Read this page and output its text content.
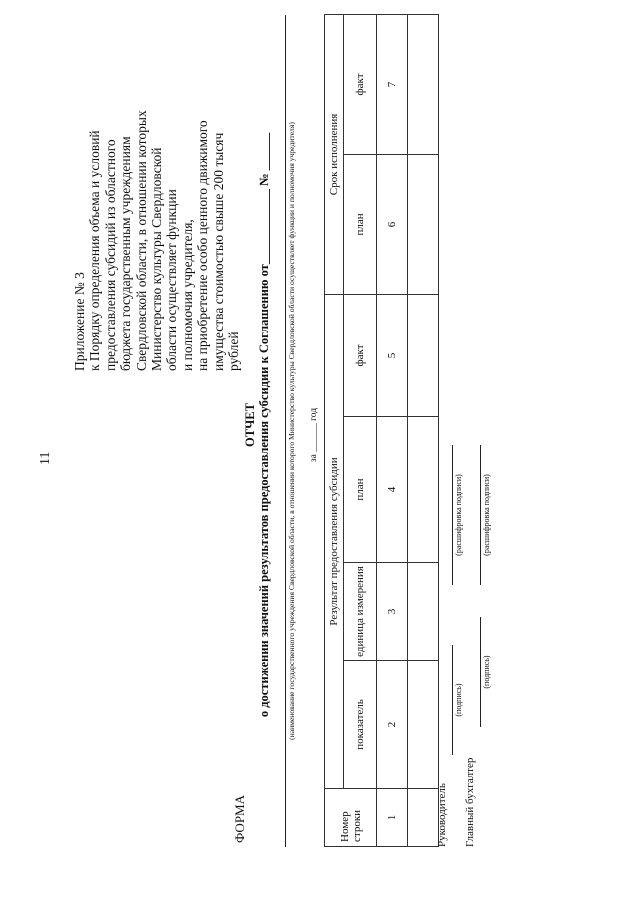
11
Приложение № 3 к Порядку определения объема и условий предоставления субсидий из областного бюджета государственным учреждениям Свердловской области, в отношении которых Министерство культуры Свердловской области осуществляет функции и полномочия учредителя, на приобретение особо ценного движимого имущества стоимостью свыше 200 тысяч рублей
ФОРМА
ОТЧЕТ о достижении значений результатов предоставления субсидии к Соглашению от____________ № ______ (наименование государственного учреждения Свердловской области, в отношении которого Министерство культуры Свердловской области осуществляет функции и полномочия учредителя) за ______ год
Номер строки	Результат предоставления субсидии				Срок исполнения	
	показатель	единица измерения	план	факт	план	факт
1	2	3	4	5	6	7

Руководитель
(подпись)
(расшифровка подписи)
Главный бухгалтер
(подпись)
(расшифровка подписи)
